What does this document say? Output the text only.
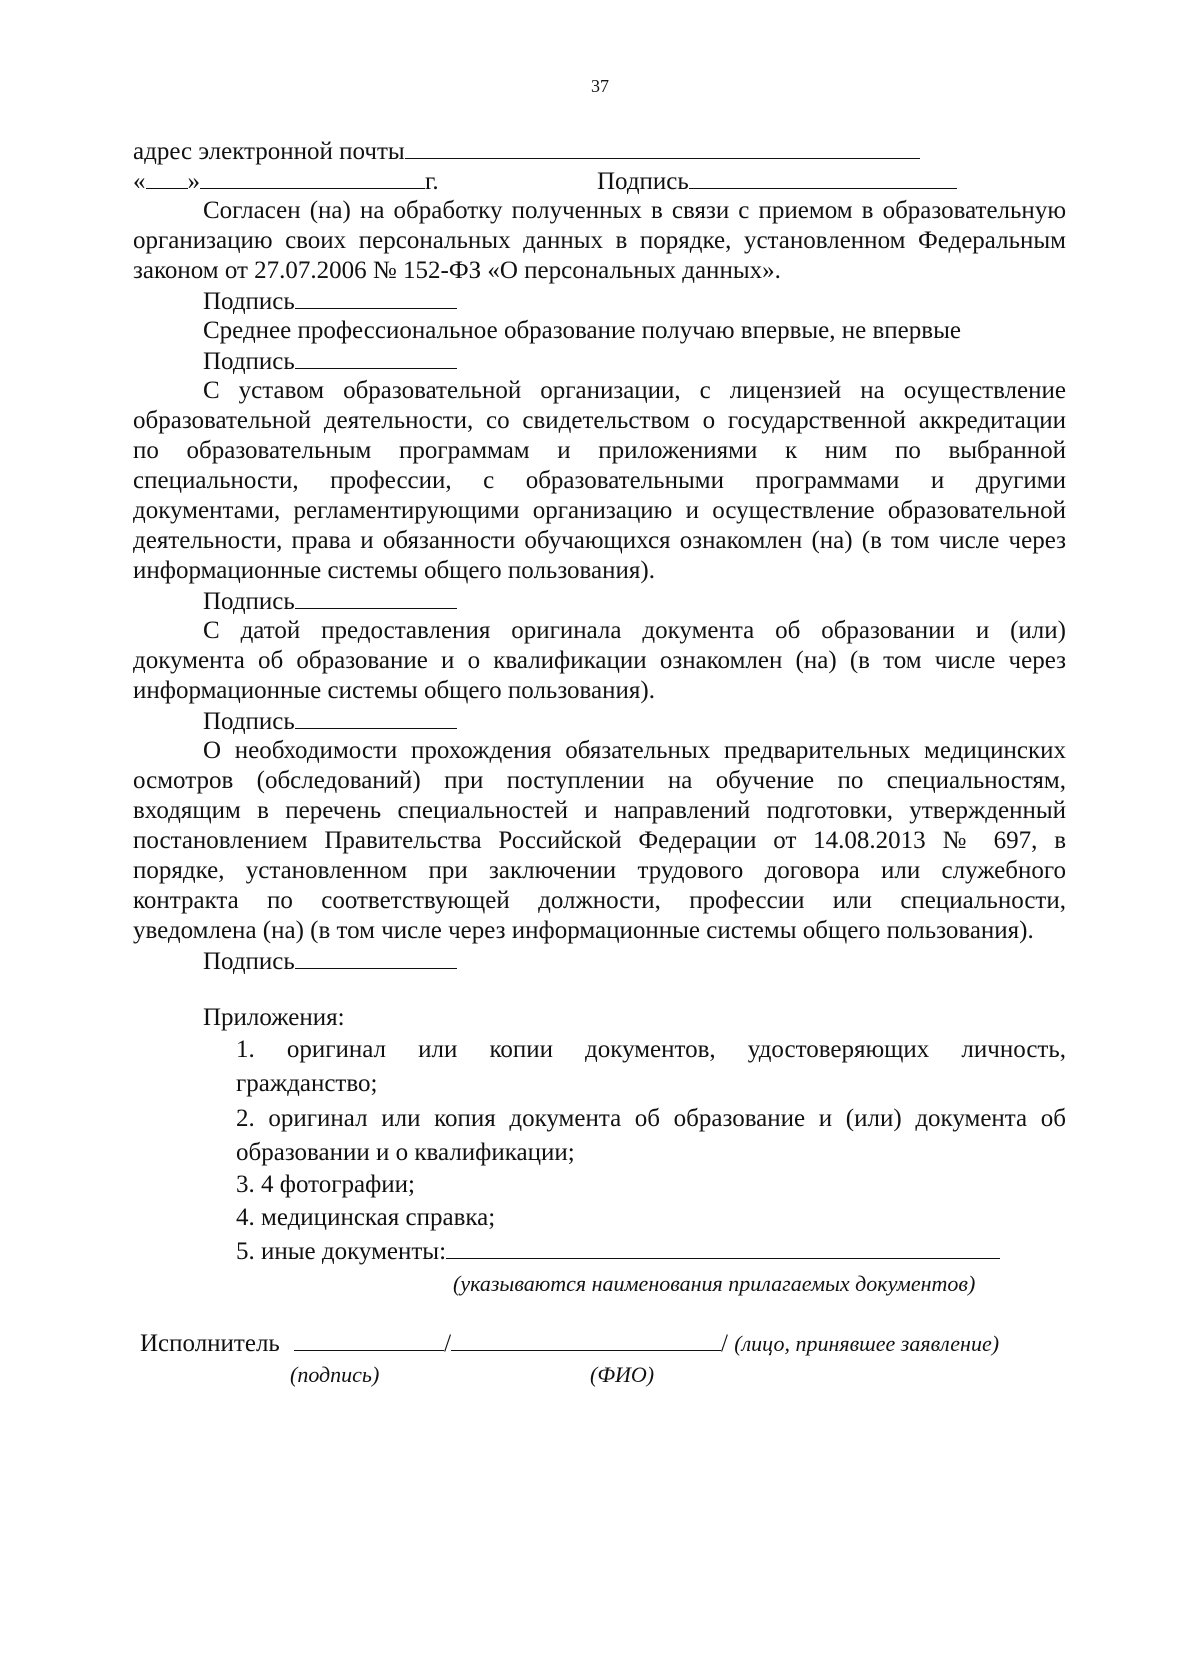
37
адрес электронной почты
« »	г.	Подпись
Согласен (на) на обработку полученных в связи с приемом в образовательную
организацию своих персональных данных в порядке, установленном Федеральным
законом от 27.07.2006 № 152-ФЗ «О персональных данных».
Подпись
Среднее профессиональное образование получаю впервые, не впервые
Подпись
С уставом образовательной организации, с лицензией на осуществление
образовательной деятельности, со свидетельством о государственной аккредитации
по образовательным программам и приложениями к ним по выбранной
специальности, профессии, с образовательными программами и другими
документами, регламентирующими организацию и осуществление образовательной
деятельности, права и обязанности обучающихся ознакомлен (на) (в том числе через
информационные системы общего пользования).
Подпись
С датой предоставления оригинала документа об образовании и (или)
документа об образование и о квалификации ознакомлен (на) (в том числе через
информационные системы общего пользования).
Подпись
О необходимости прохождения обязательных предварительных медицинских
осмотров (обследований) при поступлении на обучение по специальностям,
входящим в перечень специальностей и направлений подготовки, утвержденный
постановлением Правительства Российской Федерации от 14.08.2013 № 697, в
порядке, установленном при заключении трудового договора или служебного
контракта по соответствующей должности, профессии или специальности,
уведомлена (на) (в том числе через информационные системы общего пользования).
Подпись
Приложения:
1. оригинал или копии документов, удостоверяющих личность,
гражданство;
2. оригинал или копия документа об образование и (или) документа об
образовании и о квалификации;
3. 4 фотографии;
4. медицинская справка;
5. иные документы:
(указываются наименования прилагаемых документов)
Исполнитель	/	/ (лицо, принявшее заявление)
(подпись)	(ФИО)
